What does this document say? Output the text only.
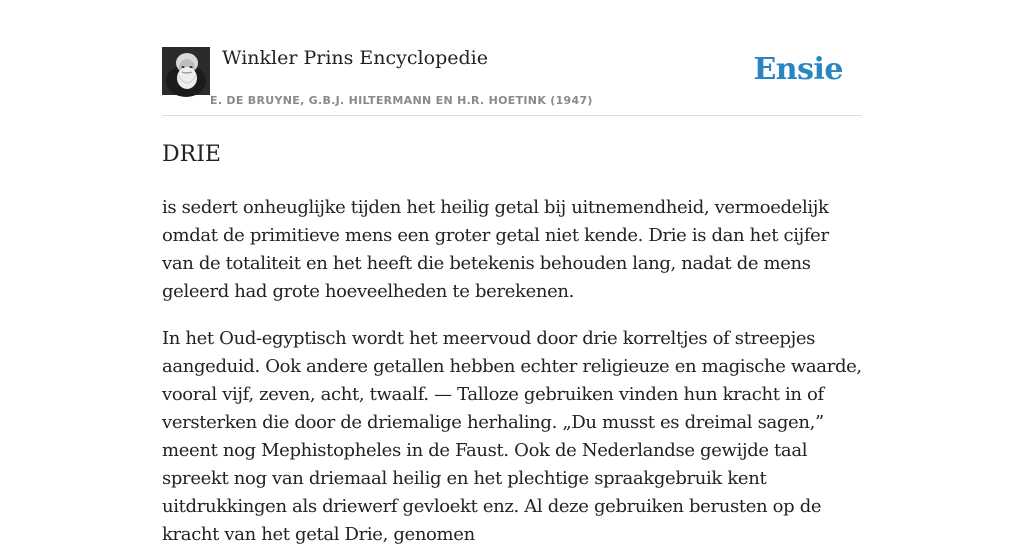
Winkler Prins Encyclopedie
E. DE BRUYNE, G.B.J. HILTERMANN EN H.R. HOETINK (1947)
Ensie
DRIE

is sedert onheuglijke tijden het heilig getal bij uitnemendheid, vermoedelijk omdat de primitieve mens een groter getal niet kende. Drie is dan het cijfer van de totaliteit en het heeft die betekenis behouden lang, nadat de mens geleerd had grote hoeveelheden te berekenen.

In het Oud-egyptisch wordt het meervoud door drie korreltjes of streepjes aangeduid. Ook andere getallen hebben echter religieuze en magische waarde, vooral vijf, zeven, acht, twaalf. — Talloze gebruiken vinden hun kracht in of versterken die door de driemalige herhaling. „Du musst es dreimal sagen,” meent nog Mephistopheles in de Faust. Ook de Nederlandse gewijde taal spreekt nog van driemaal heilig en het plechtige spraakgebruik kent uitdrukkingen als driewerf gevloekt enz. Al deze gebruiken berusten op de kracht van het getal Drie, genomen
